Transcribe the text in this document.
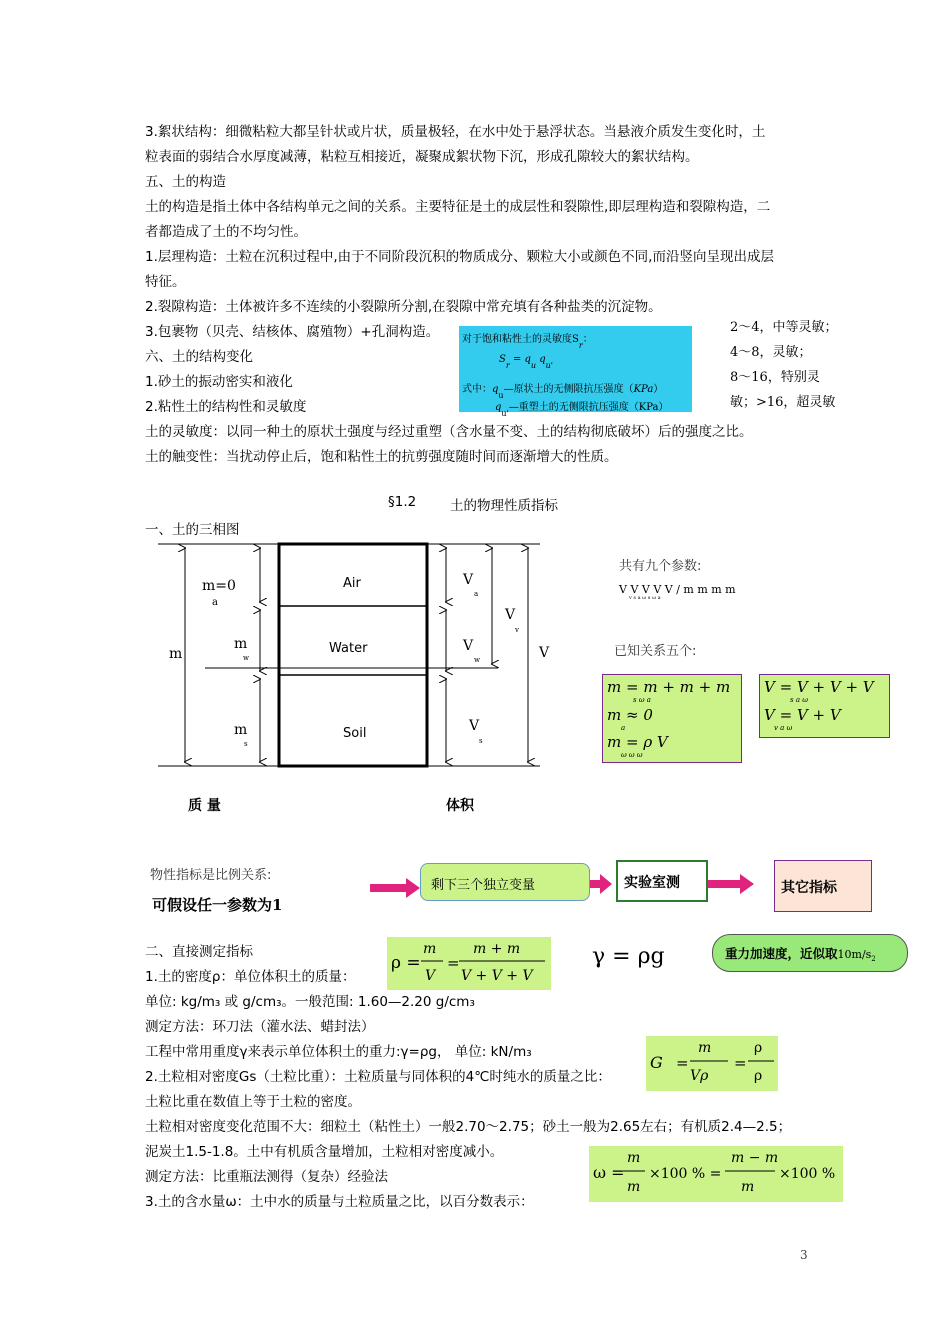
3.絮状结构：细微粘粒大都呈针状或片状，质量极轻，在水中处于悬浮状态。当悬液介质发生变化时，土
粒表面的弱结合水厚度减薄，粘粒互相接近，凝聚成絮状物下沉，形成孔隙较大的絮状结构。
五、土的构造
土的构造是指土体中各结构单元之间的关系。主要特征是土的成层性和裂隙性,即层理构造和裂隙构造，二
者都造成了土的不均匀性。
1.层理构造：土粒在沉积过程中,由于不同阶段沉积的物质成分、颗粒大小或颜色不同,而沿竖向呈现出成层
特征。
2.裂隙构造：土体被许多不连续的小裂隙所分割,在裂隙中常充填有各种盐类的沉淀物。
3.包裹物（贝壳、结核体、腐殖物）+孔洞构造。
六、土的结构变化
1.砂土的振动密实和液化
2.粘性土的结构性和灵敏度
土的灵敏度：以同一种土的原状土强度与经过重塑（含水量不变、土的结构彻底破坏）后的强度之比。
土的触变性：当扰动停止后，饱和粘性土的抗剪强度随时间而逐渐增大的性质。
对于饱和粘性土的灵敏度$S_r$：
$S_r = q_u$ $q_{u'}$
式中：$q_u—$原状土的无侧限抗压强度（KPa）
$q_{u'}—$重塑土的无侧限抗压强度（KPa）
2～4，中等灵敏；
4～8，灵敏；
8～16，特别灵
敏；>16，超灵敏
§1.2	土的物理性质指标
一、土的三相图
Air
Water
Soil
m=0
a
m
w
m
s
m
V
a
V
w
V
s
V
v
V
质 量	体积
共有九个参数:
V V V V V / m m m m
v s a ω s ω a
已知关系五个:
m = m + m + m
s ω a
m ≈ 0
a
m = ρ V
ω ω ω
V = V + V + V
s a ω
V = V + V
v a ω
物性指标是比例关系:
可假设任一参数为1
剩下三个独立变量	实验室测	其它指标
二、直接测定指标
1.土的密度ρ：单位体积土的质量：
单位: kg/m₃ 或 g/cm₃。一般范围: 1.60—2.20 g/cm₃
测定方法：环刀法（灌水法、蜡封法）
工程中常用重度γ来表示单位体积土的重力:γ=ρg， 单位: kN/m₃
2.土粒相对密度Gs（土粒比重）：土粒质量与同体积的4℃时纯水的质量之比：
土粒比重在数值上等于土粒的密度。
土粒相对密度变化范围不大：细粒土（粘性土）一般2.70～2.75；砂土一般为2.65左右；有机质2.4—2.5；
泥炭土1.5-1.8。土中有机质含量增加，土粒相对密度减小。
测定方法：比重瓶法测得（复杂）经验法
3.土的含水量ω：土中水的质量与土粒质量之比，以百分数表示：
ρ =
m
V
=
m + m
V + V + V
γ = ρg	重力加速度，近似取$10m/s_2$
G =
m
Vρ
=
ρ
ρ
ω =
m
m
×100 % =
m − m
m
×100 %
3
